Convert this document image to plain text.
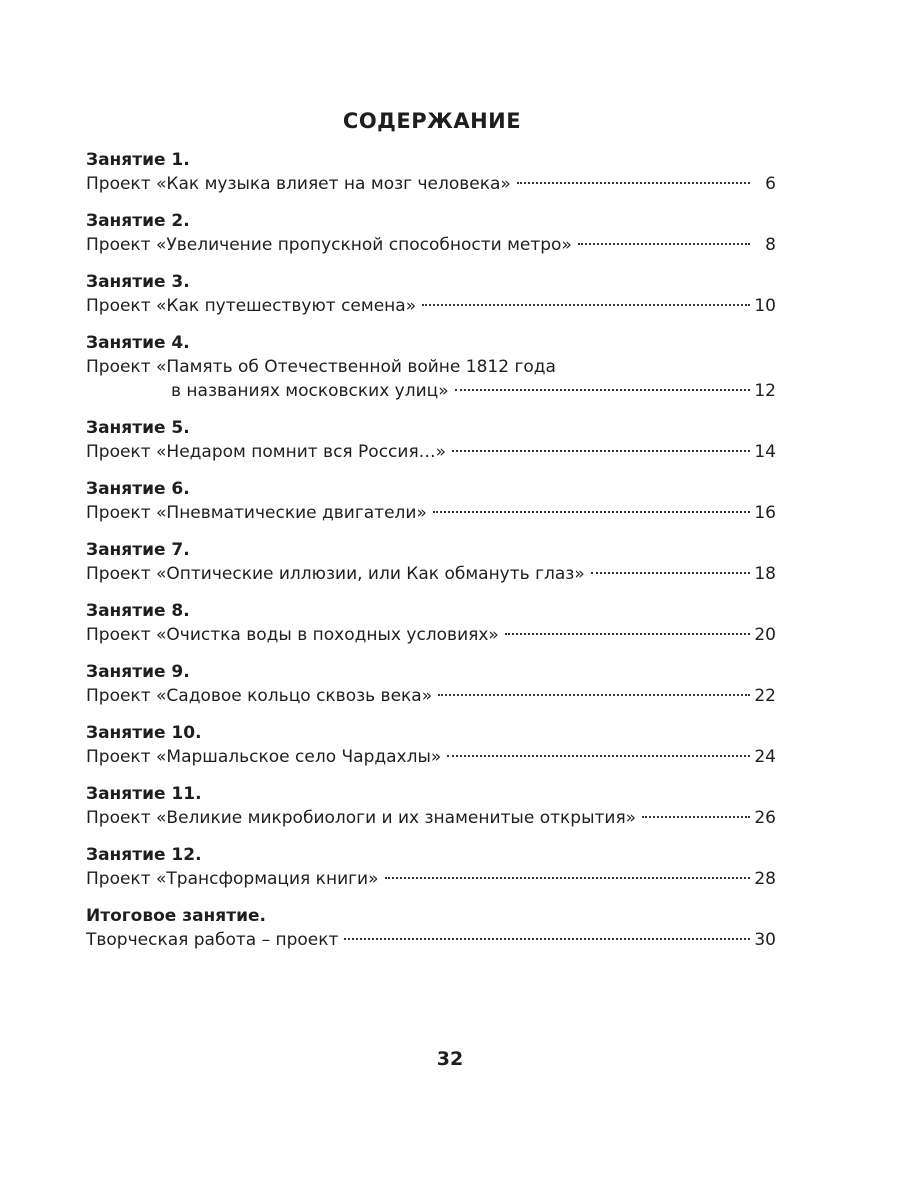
СОДЕРЖАНИЕ
Занятие 1.
Проект «Как музыка влияет на мозг человека»	6
Занятие 2.
Проект «Увеличение пропускной способности метро»	8
Занятие 3.
Проект «Как путешествуют семена»	10
Занятие 4.
Проект «Память об Отечественной войне 1812 года
в названиях московских улиц»	12
Занятие 5.
Проект «Недаром помнит вся Россия…»	14
Занятие 6.
Проект «Пневматические двигатели»	16
Занятие 7.
Проект «Оптические иллюзии, или Как обмануть глаз»	18
Занятие 8.
Проект «Очистка воды в походных условиях»	20
Занятие 9.
Проект «Садовое кольцо сквозь века»	22
Занятие 10.
Проект «Маршальское село Чардахлы»	24
Занятие 11.
Проект «Великие микробиологи и их знаменитые открытия»	26
Занятие 12.
Проект «Трансформация книги»	28
Итоговое занятие.
Творческая работа – проект	30
32
